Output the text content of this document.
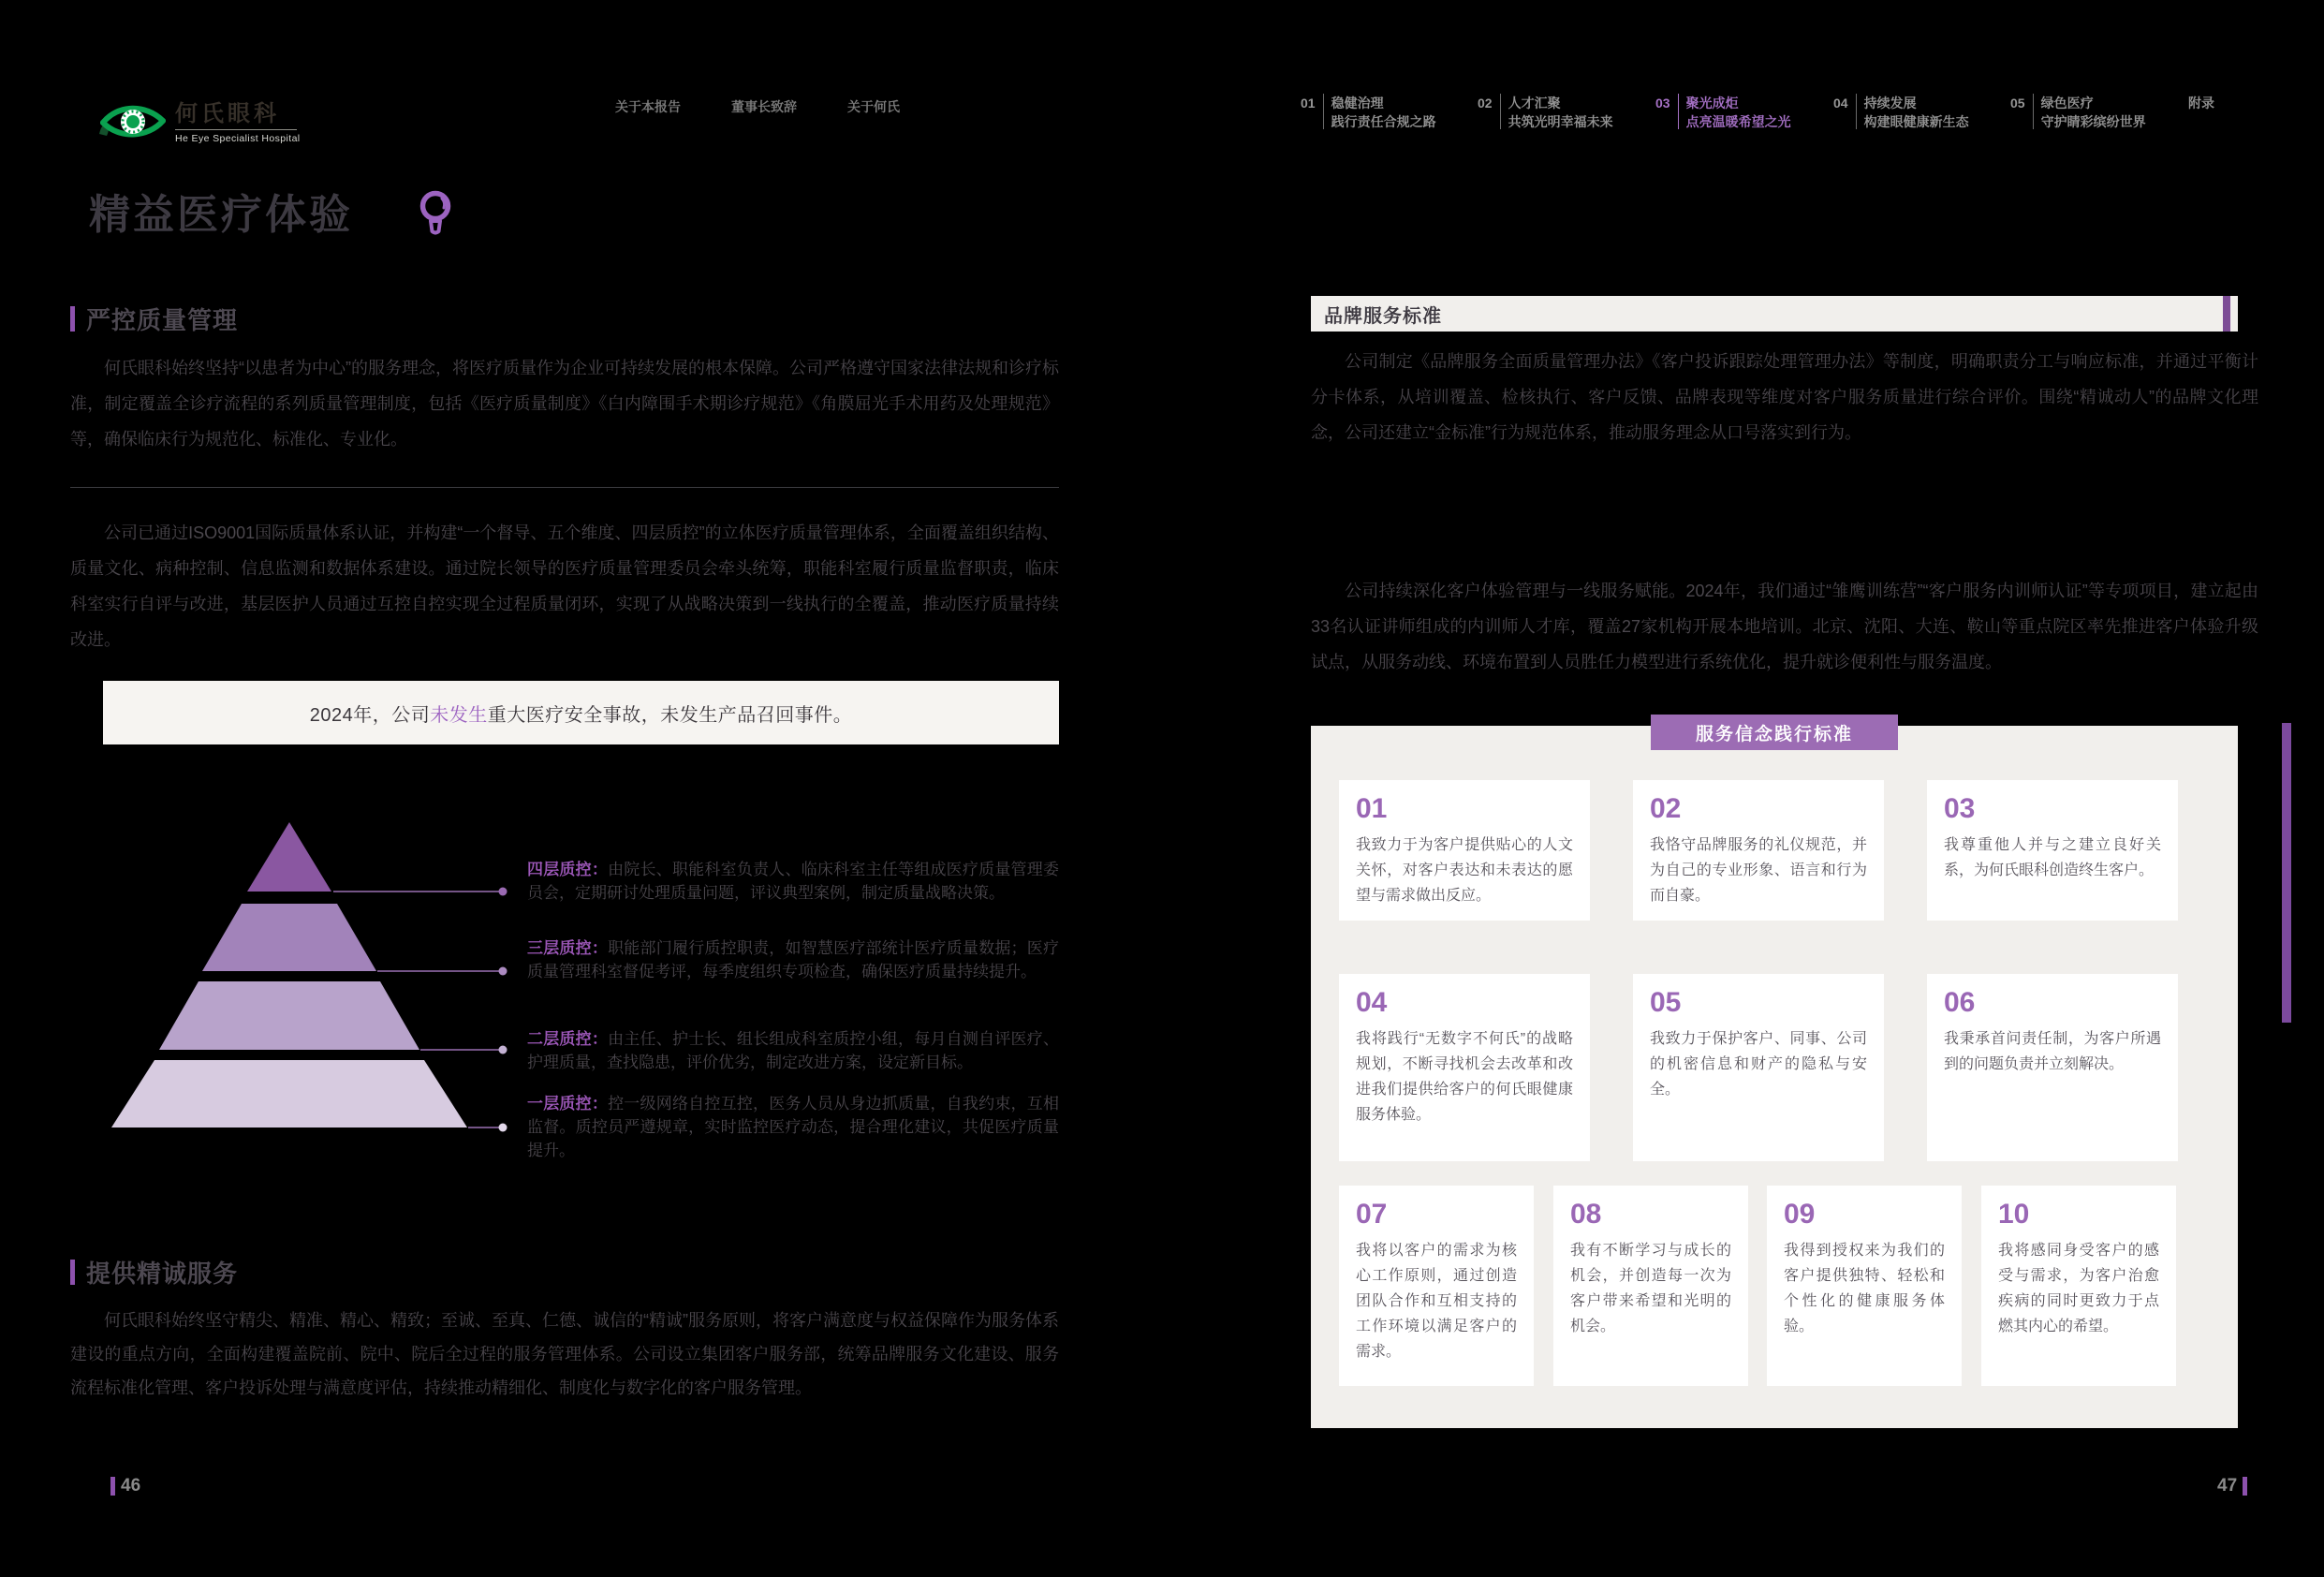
何氏眼科
He Eye Specialist Hospital
关于本报告	董事长致辞	关于何氏	01 稳健治理
践行责任合规之路
02 人才汇聚
共筑光明幸福未来
03 聚光成炬
点亮温暖希望之光
04 持续发展
构建眼健康新生态
05 绿色医疗
守护睛彩缤纷世界
附录
精益医疗体验
严控质量管理

何氏眼科始终坚持“以患者为中心”的服务理念，将医疗质量作为企业可持续发展的根本保障。公司严格遵守国家法律法规和诊疗标准，制定覆盖全诊疗流程的系列质量管理制度，包括《医疗质量制度》《白内障围手术期诊疗规范》《角膜屈光手术用药及处理规范》等，确保临床行为规范化、标准化、专业化。

公司已通过ISO9001国际质量体系认证，并构建“一个督导、五个维度、四层质控”的立体医疗质量管理体系，全面覆盖组织结构、质量文化、病种控制、信息监测和数据体系建设。通过院长领导的医疗质量管理委员会牵头统筹，职能科室履行质量监督职责，临床科室实行自评与改进，基层医护人员通过互控自控实现全过程质量闭环，实现了从战略决策到一线执行的全覆盖，推动医疗质量持续改进。

2024年，公司未发生重大医疗安全事故，未发生产品召回事件。

四层质控：由院长、职能科室负责人、临床科室主任等组成医疗质量管理委员会，定期研讨处理质量问题，评议典型案例，制定质量战略决策。

三层质控：职能部门履行质控职责，如智慧医疗部统计医疗质量数据；医疗质量管理科室督促考评，每季度组织专项检查，确保医疗质量持续提升。

二层质控：由主任、护士长、组长组成科室质控小组，每月自测自评医疗、护理质量，查找隐患，评价优劣，制定改进方案，设定新目标。

一层质控：控一级网络自控互控，医务人员从身边抓质量，自我约束，互相监督。质控员严遵规章，实时监控医疗动态，提合理化建议，共促医疗质量提升。

提供精诚服务

何氏眼科始终坚守精尖、精准、精心、精致；至诚、至真、仁德、诚信的“精诚”服务原则，将客户满意度与权益保障作为服务体系建设的重点方向，全面构建覆盖院前、院中、院后全过程的服务管理体系。公司设立集团客户服务部，统筹品牌服务文化建设、服务流程标准化管理、客户投诉处理与满意度评估，持续推动精细化、制度化与数字化的客户服务管理。

46
品牌服务标准

公司制定《品牌服务全面质量管理办法》《客户投诉跟踪处理管理办法》等制度，明确职责分工与响应标准，并通过平衡计分卡体系，从培训覆盖、检核执行、客户反馈、品牌表现等维度对客户服务质量进行综合评价。围绕“精诚动人”的品牌文化理念，公司还建立“金标准”行为规范体系，推动服务理念从口号落实到行为。

公司持续深化客户体验管理与一线服务赋能。2024年，我们通过“雏鹰训练营”“客户服务内训师认证”等专项项目，建立起由33名认证讲师组成的内训师人才库，覆盖27家机构开展本地培训。北京、沈阳、大连、鞍山等重点院区率先推进客户体验升级试点，从服务动线、环境布置到人员胜任力模型进行系统优化，提升就诊便利性与服务温度。

服务信念践行标准
01
我致力于为客户提供贴心的人文关怀，对客户表达和未表达的愿望与需求做出反应。
02
我恪守品牌服务的礼仪规范，并为自己的专业形象、语言和行为而自豪。
03
我尊重他人并与之建立良好关系，为何氏眼科创造终生客户。
04
我将践行“无数字不何氏”的战略规划，不断寻找机会去改革和改进我们提供给客户的何氏眼健康服务体验。
05
我致力于保护客户、同事、公司的机密信息和财产的隐私与安全。
06
我秉承首问责任制，为客户所遇到的问题负责并立刻解决。
07
我将以客户的需求为核心工作原则，通过创造团队合作和互相支持的工作环境以满足客户的需求。
08
我有不断学习与成长的机会，并创造每一次为客户带来希望和光明的机会。
09
我得到授权来为我们的客户提供独特、轻松和个性化的健康服务体验。
10
我将感同身受客户的感受与需求，为客户治愈疾病的同时更致力于点燃其内心的希望。
47
